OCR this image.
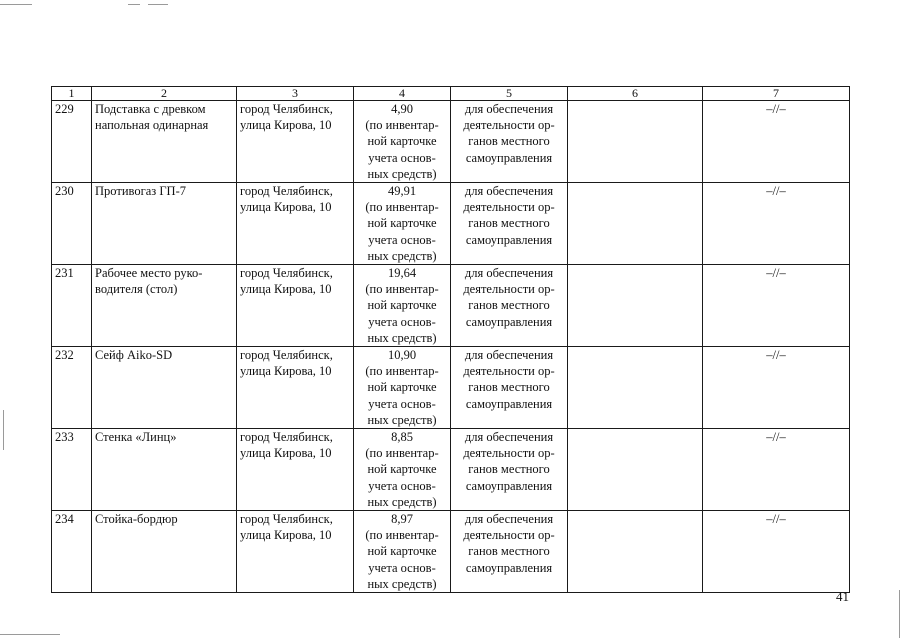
1	2	3	4	5	6	7
229	Подставка с древком
напольная одинарная	город Челябинск,
улица Кирова, 10	4,90
(по инвентар-
ной карточке
учета основ-
ных средств)	для обеспечения
деятельности ор-
ганов местного
самоуправления		–//–
230	Противогаз ГП-7	город Челябинск,
улица Кирова, 10	49,91
(по инвентар-
ной карточке
учета основ-
ных средств)	для обеспечения
деятельности ор-
ганов местного
самоуправления		–//–
231	Рабочее место руко-
водителя (стол)	город Челябинск,
улица Кирова, 10	19,64
(по инвентар-
ной карточке
учета основ-
ных средств)	для обеспечения
деятельности ор-
ганов местного
самоуправления		–//–
232	Сейф Aiko-SD	город Челябинск,
улица Кирова, 10	10,90
(по инвентар-
ной карточке
учета основ-
ных средств)	для обеспечения
деятельности ор-
ганов местного
самоуправления		–//–
233	Стенка «Линц»	город Челябинск,
улица Кирова, 10	8,85
(по инвентар-
ной карточке
учета основ-
ных средств)	для обеспечения
деятельности ор-
ганов местного
самоуправления		–//–
234	Стойка-бордюр	город Челябинск,
улица Кирова, 10	8,97
(по инвентар-
ной карточке
учета основ-
ных средств)	для обеспечения
деятельности ор-
ганов местного
самоуправления		–//–
41
